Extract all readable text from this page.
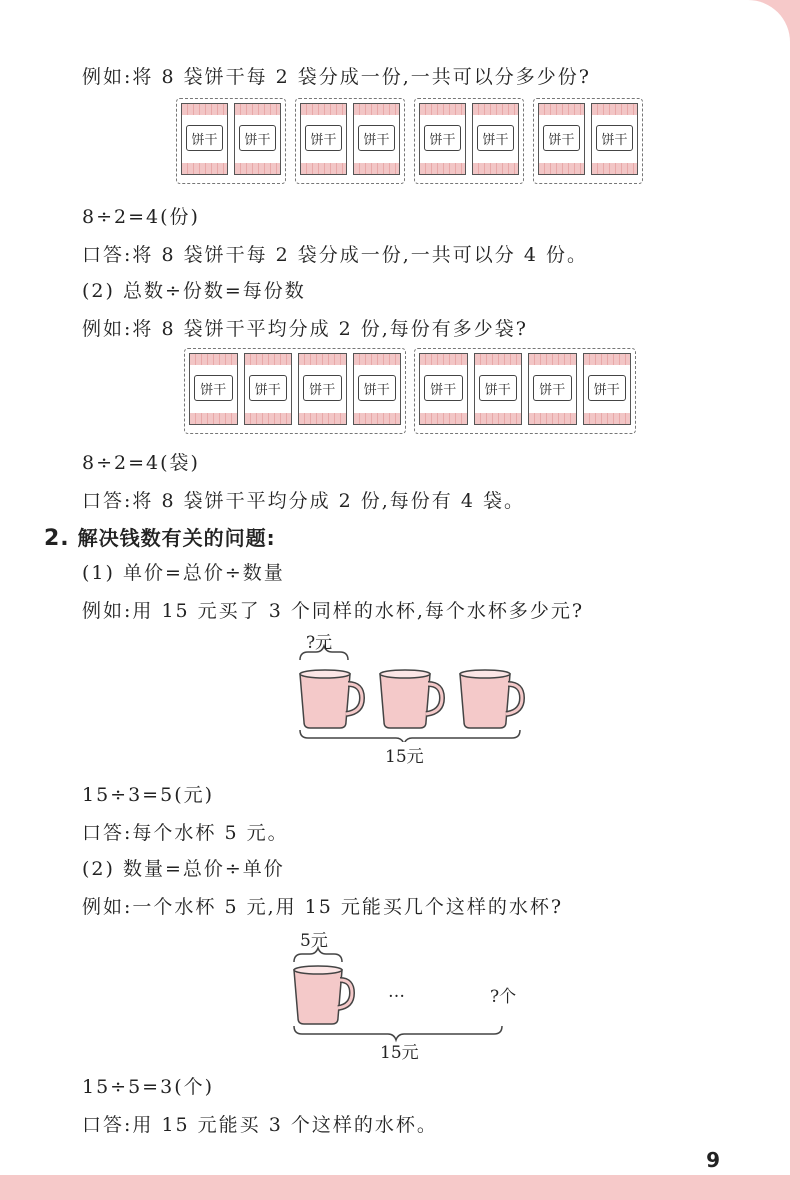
例如:将 8 袋饼干每 2 袋分成一份,一共可以分多少份?
饼干 饼干	饼干 饼干	饼干 饼干	饼干 饼干
8÷2=4(份)
口答:将 8 袋饼干每 2 袋分成一份,一共可以分 4 份。
(2) 总数÷份数=每份数
例如:将 8 袋饼干平均分成 2 份,每份有多少袋?
饼干 饼干 饼干 饼干	饼干 饼干 饼干 饼干
8÷2=4(袋)
口答:将 8 袋饼干平均分成 2 份,每份有 4 袋。
2. 解决钱数有关的问题:
(1) 单价=总价÷数量
例如:用 15 元买了 3 个同样的水杯,每个水杯多少元?
?元
15元
15÷3=5(元)
口答:每个水杯 5 元。
(2) 数量=总价÷单价
例如:一个水杯 5 元,用 15 元能买几个这样的水杯?
5元
…	?个
15元
15÷5=3(个)
口答:用 15 元能买 3 个这样的水杯。
9
